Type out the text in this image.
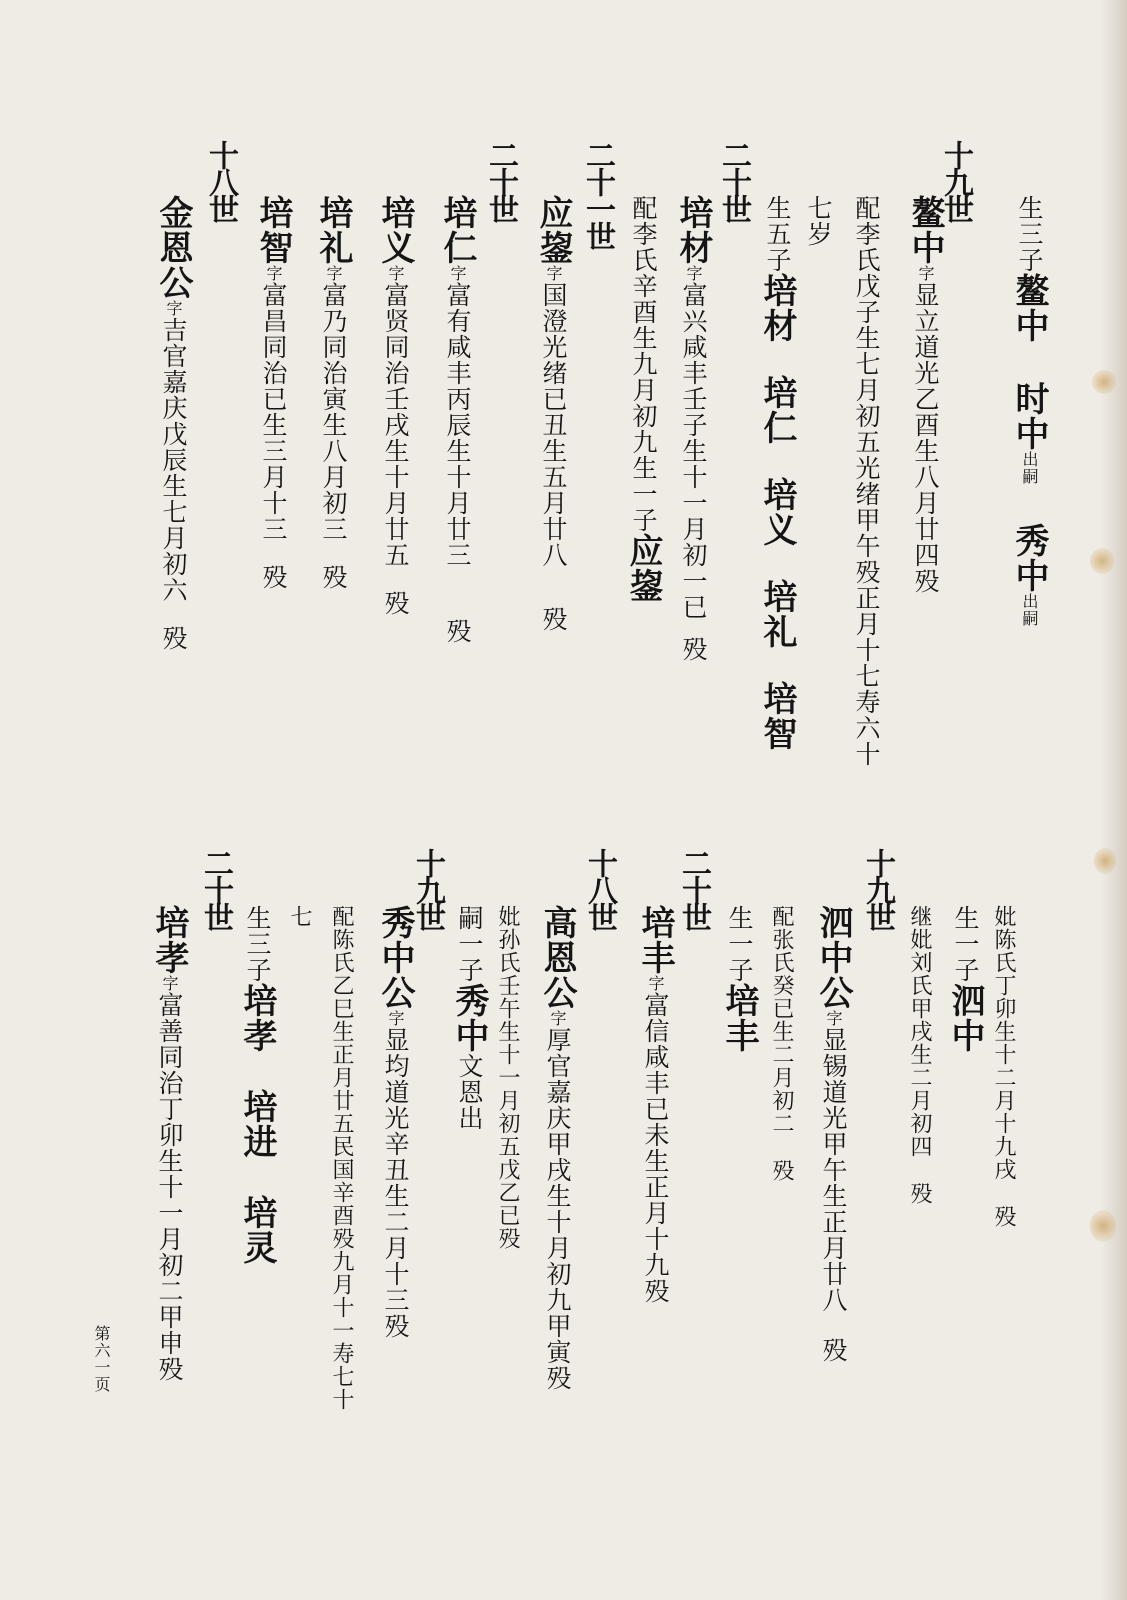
生三子鳌中时中出嗣秀中出嗣
十九世
鳌中字显立道光乙酉生八月廿四殁
配李氏戊子生七月初五光绪甲午殁正月十七寿六十
七岁
生五子培材培仁培义培礼培智
二十世
培材字富兴咸丰壬子生十一月初一已殁
配李氏辛酉生九月初九生一子应鋆
二十一世
应鋆字国澄光绪已丑生五月廿八殁
二十世
培仁字富有咸丰丙辰生十月廿三殁
培义字富贤同治壬戌生十月廿五殁
培礼字富乃同治寅生八月初三殁
培智字富昌同治已生三月十三殁
十八世
金恩公字吉官嘉庆戊辰生七月初六殁
妣陈氏丁卯生十二月十九戌殁
生一子泗中
继妣刘氏甲戌生二月初四殁
十九世
泗中公字显锡道光甲午生正月廿八殁
配张氏癸已生二月初二殁
生一子培丰
二十世
培丰字富信咸丰已未生正月十九殁
十八世
高恩公字厚官嘉庆甲戌生十月初九甲寅殁
妣孙氏壬午生十一月初五戊乙已殁
嗣一子秀中文恩出
十九世
秀中公字显均道光辛丑生二月十三殁
配陈氏乙巳生正月廿五民国辛酉殁九月十一寿七十
七
生三子培孝培进培灵
二十世
培孝字富善同治丁卯生十一月初二甲申殁
第六一页
